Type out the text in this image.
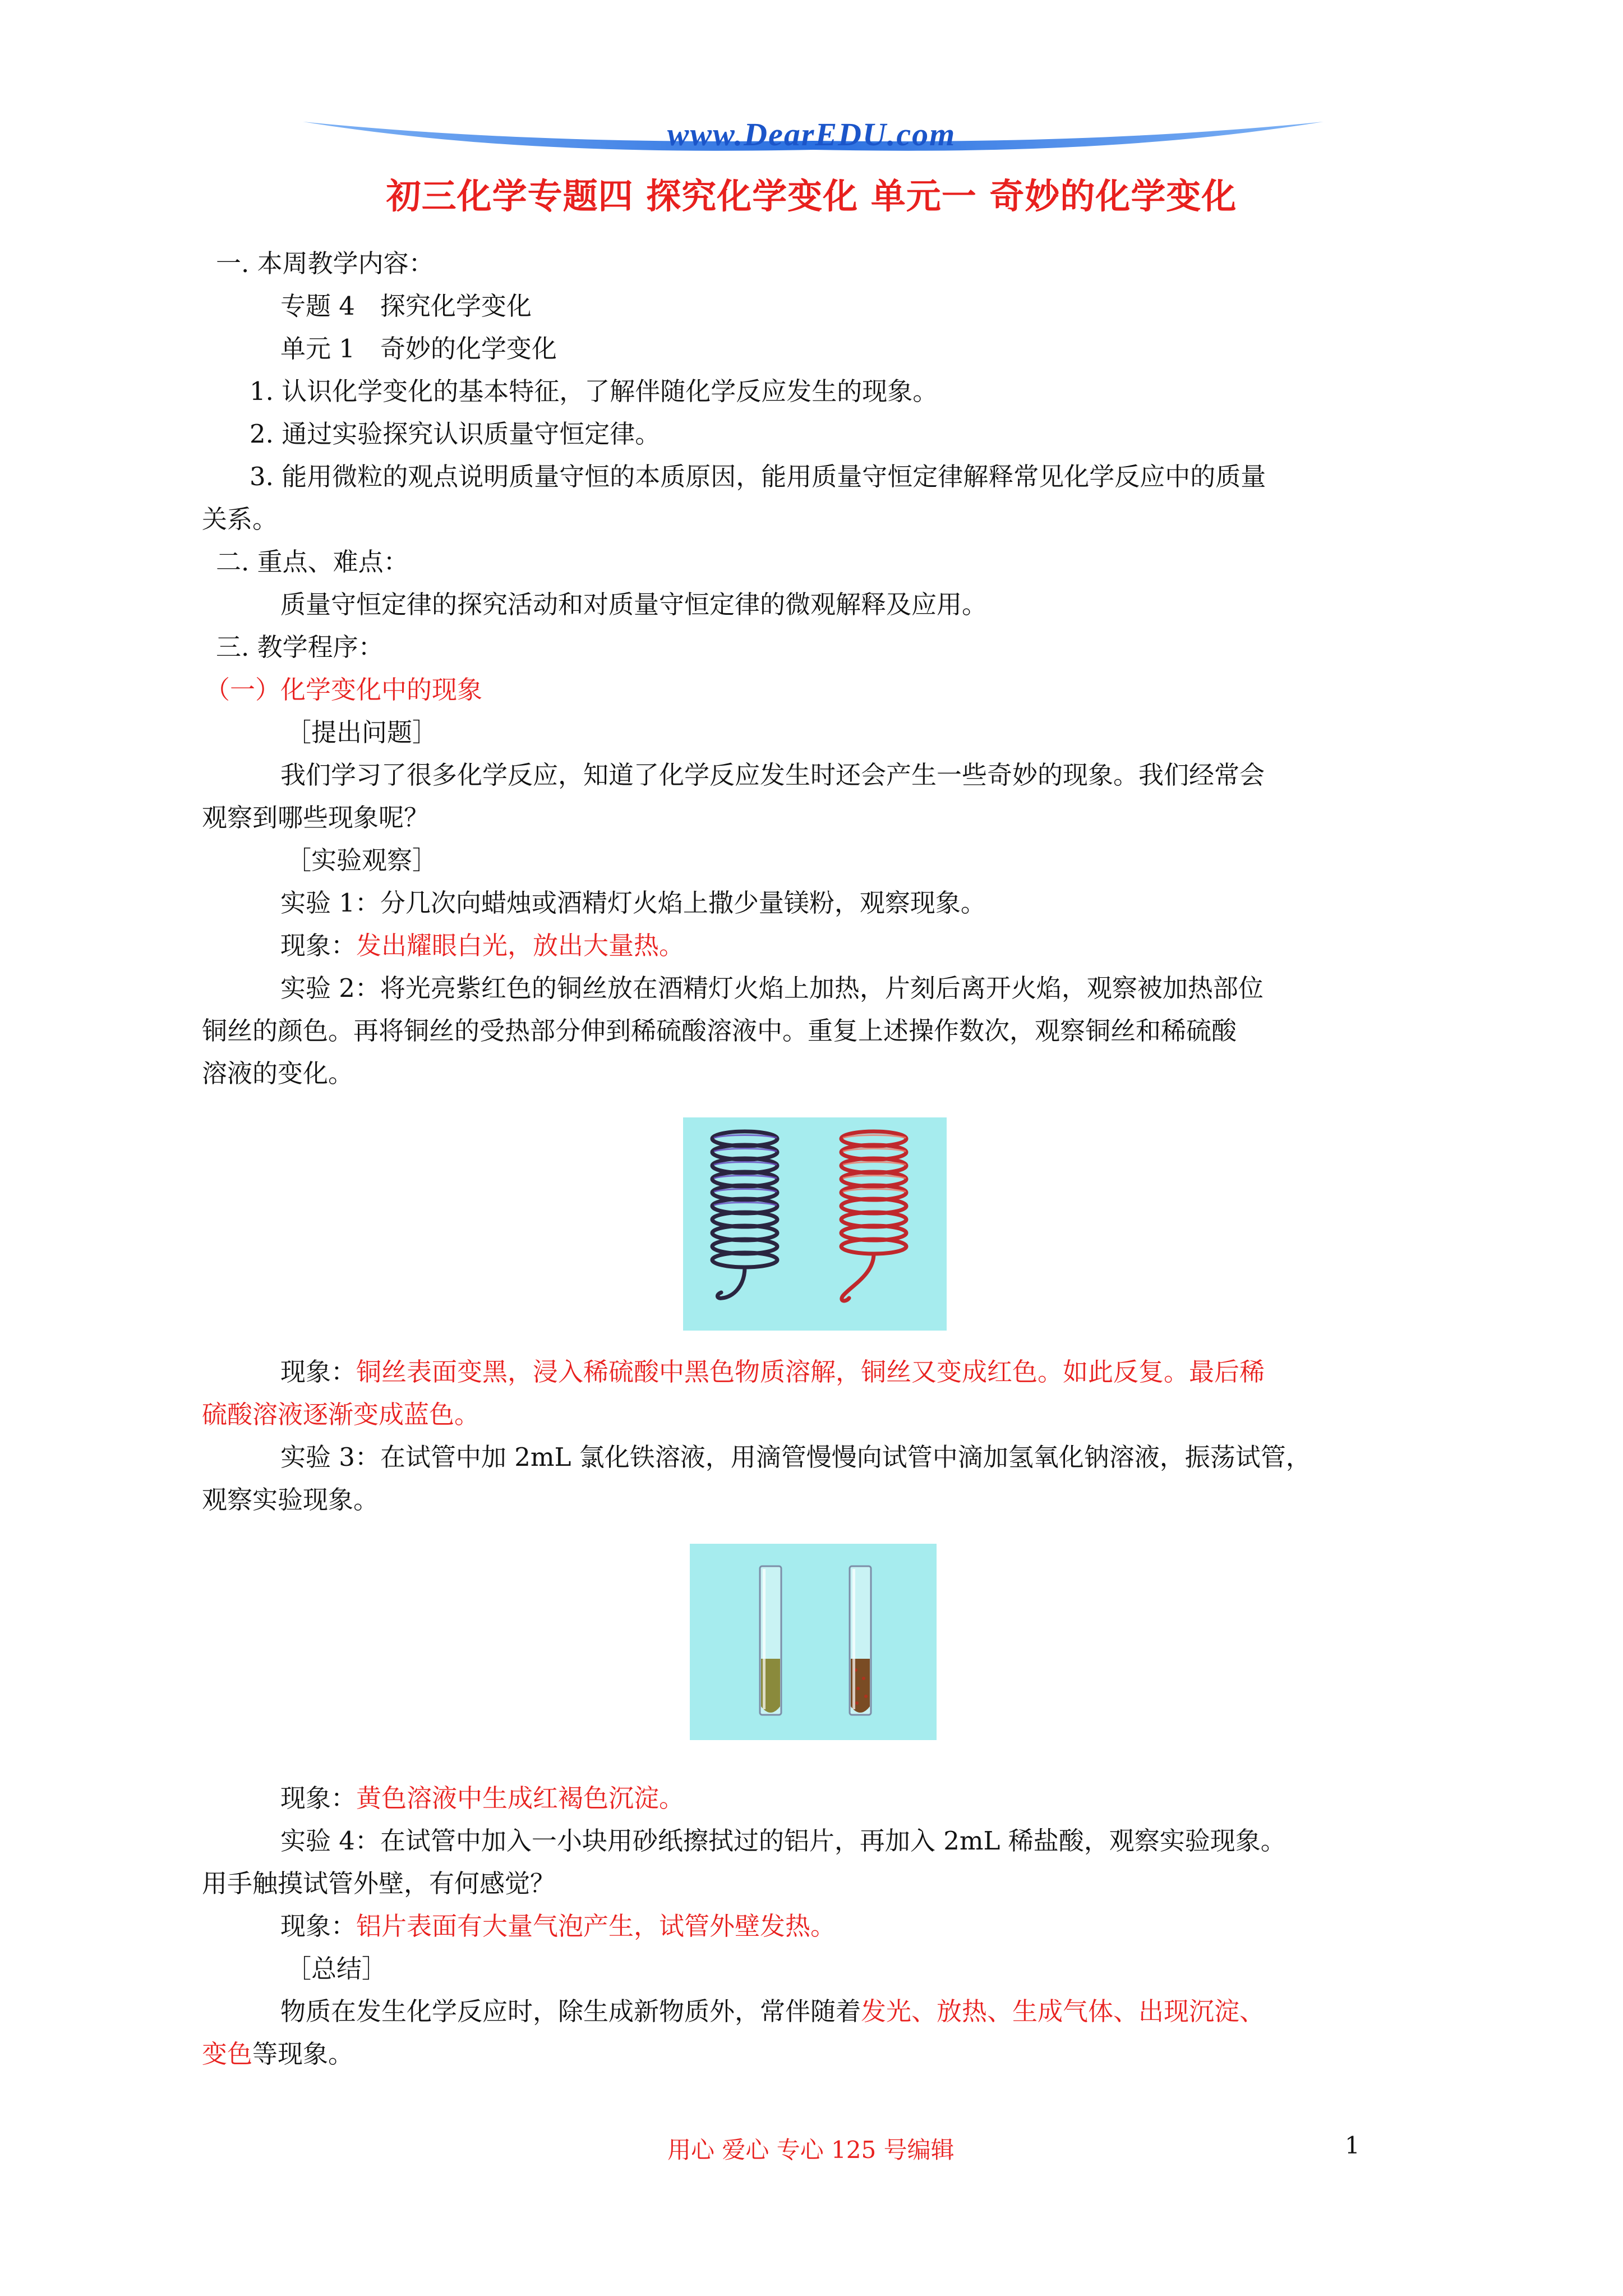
www.DearEDU.com
初三化学专题四 探究化学变化 单元一 奇妙的化学变化
一. 本周教学内容：
专题 4　探究化学变化
单元 1　奇妙的化学变化
1. 认识化学变化的基本特征，了解伴随化学反应发生的现象。
2. 通过实验探究认识质量守恒定律。
3. 能用微粒的观点说明质量守恒的本质原因，能用质量守恒定律解释常见化学反应中的质量
关系。
二. 重点、难点：
质量守恒定律的探究活动和对质量守恒定律的微观解释及应用。
三. 教学程序：
（一）化学变化中的现象
［提出问题］
我们学习了很多化学反应，知道了化学反应发生时还会产生一些奇妙的现象。我们经常会
观察到哪些现象呢？
［实验观察］
实验 1：分几次向蜡烛或酒精灯火焰上撒少量镁粉，观察现象。
现象：发出耀眼白光，放出大量热。
实验 2：将光亮紫红色的铜丝放在酒精灯火焰上加热，片刻后离开火焰，观察被加热部位
铜丝的颜色。再将铜丝的受热部分伸到稀硫酸溶液中。重复上述操作数次，观察铜丝和稀硫酸
溶液的变化。
现象：铜丝表面变黑，浸入稀硫酸中黑色物质溶解，铜丝又变成红色。如此反复。最后稀
硫酸溶液逐渐变成蓝色。
实验 3：在试管中加 2mL 氯化铁溶液，用滴管慢慢向试管中滴加氢氧化钠溶液，振荡试管，
观察实验现象。
现象：黄色溶液中生成红褐色沉淀。
实验 4：在试管中加入一小块用砂纸擦拭过的铝片，再加入 2mL 稀盐酸，观察实验现象。
用手触摸试管外壁，有何感觉？
现象：铝片表面有大量气泡产生，试管外壁发热。
［总结］
物质在发生化学反应时，除生成新物质外，常伴随着发光、放热、生成气体、出现沉淀、
变色等现象。
用心 爱心 专心 125 号编辑	1
